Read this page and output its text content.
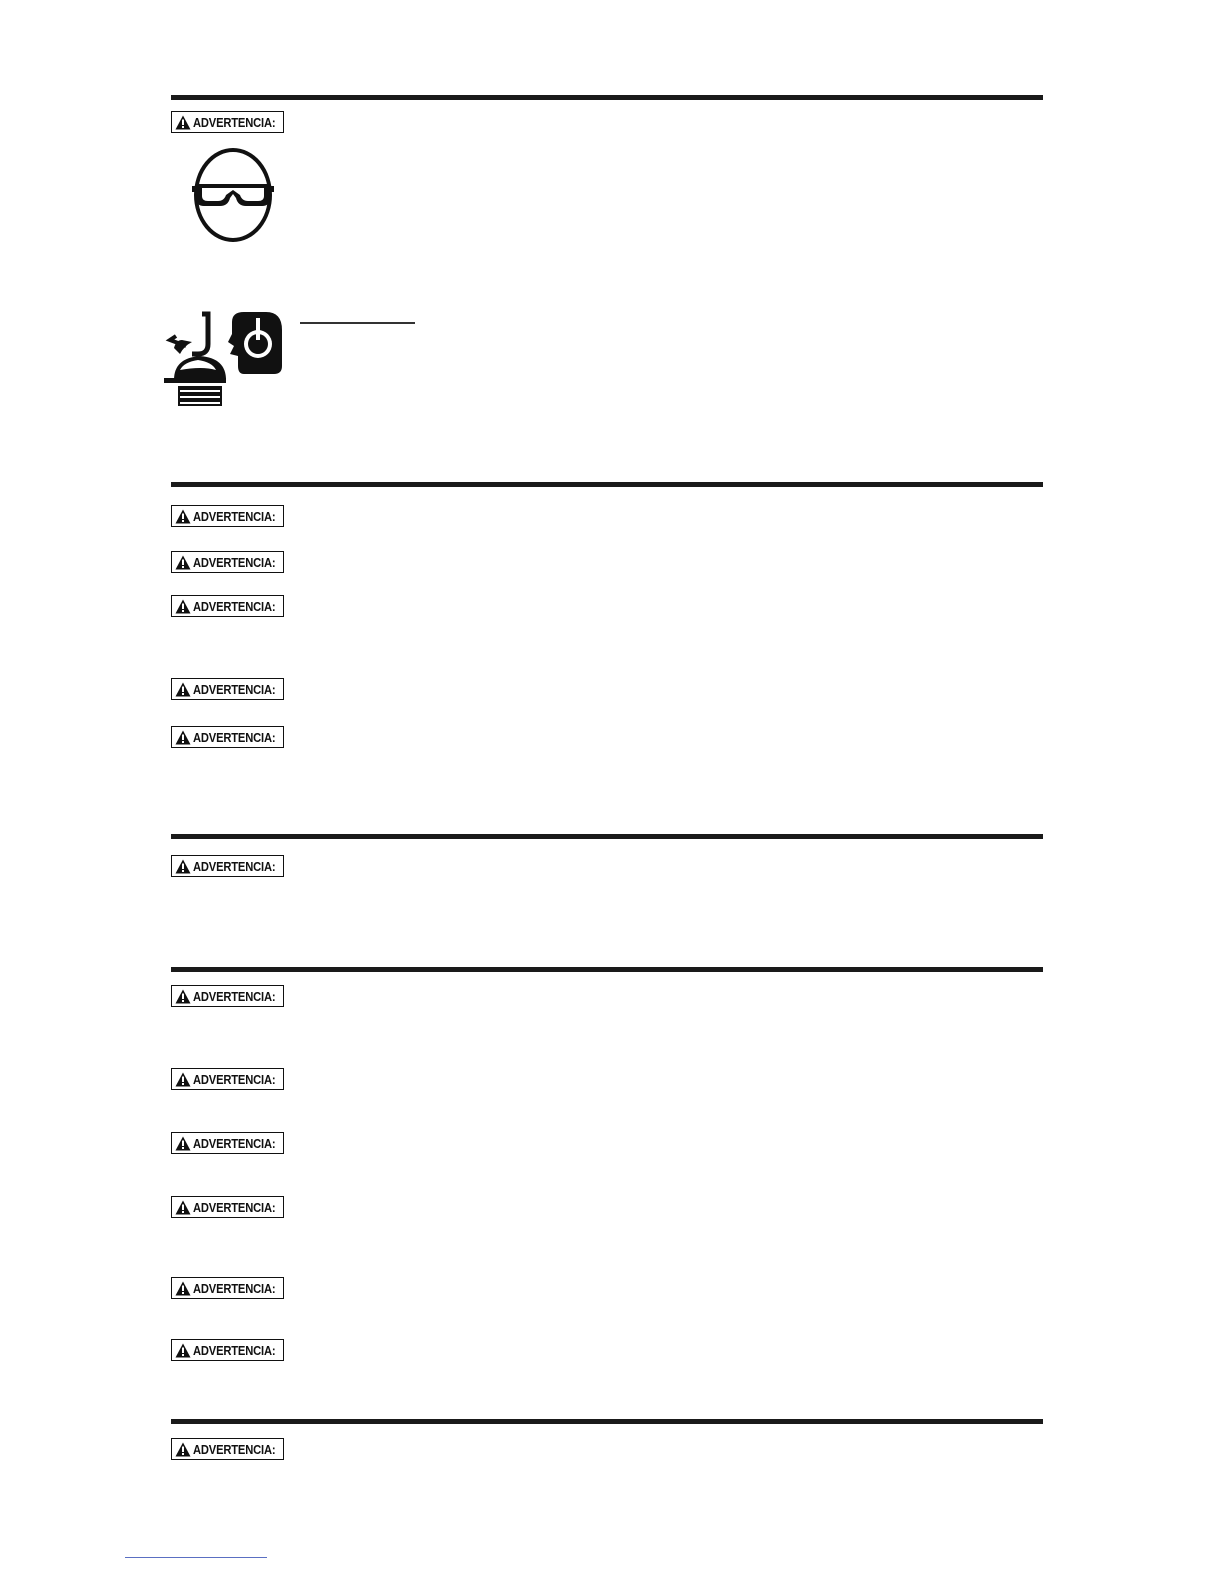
ADVERTENCIA:
ADVERTENCIA:
ADVERTENCIA:
ADVERTENCIA:
ADVERTENCIA:
ADVERTENCIA:
ADVERTENCIA:
ADVERTENCIA:
ADVERTENCIA:
ADVERTENCIA:
ADVERTENCIA:
ADVERTENCIA:
ADVERTENCIA:
ADVERTENCIA:
